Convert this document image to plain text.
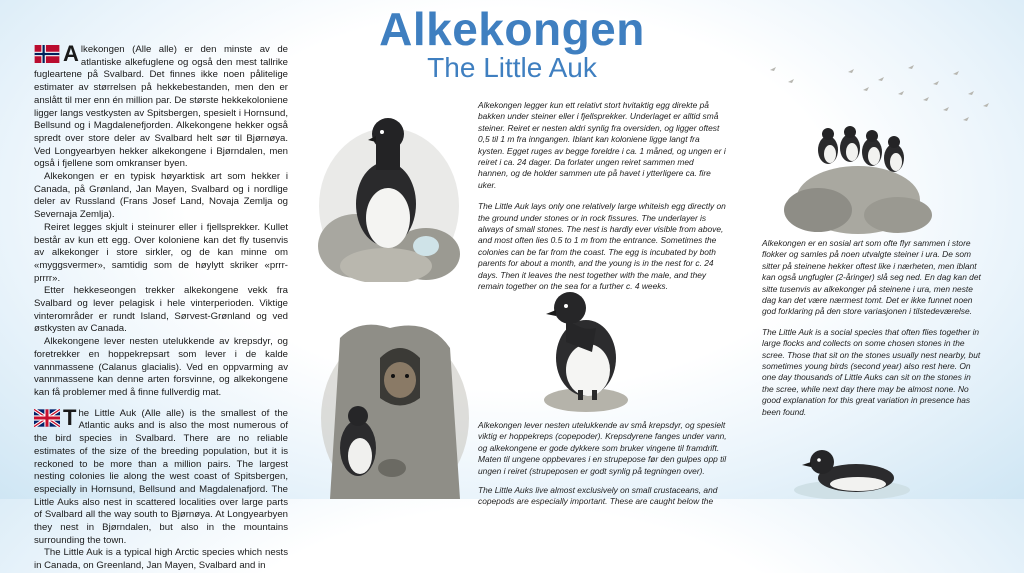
Alkekongen
The Little Auk
A lkekongen (Alle alle) er den minste av de atlantiske alkefuglene og også den mest tallrike fugleartene på Svalbard. Det finnes ikke noen pålitelige estimater av størrelsen på hekkebestanden, men den er anslått til mer enn én million par. De største hekkekoloniene ligger langs vestkysten av Spitsbergen, spesielt i Hornsund, Bellsund og i Magdalenefjorden. Alkekongene hekker også spredt over store deler av Svalbard helt sør til Bjørnøya. Ved Longyearbyen hekker alkekongene i Bjørndalen, men også i fjellene som omkranser byen.

Alkekongen er en typisk høyarktisk art som hekker i Canada, på Grønland, Jan Mayen, Svalbard og i nordlige deler av Russland (Frans Josef Land, Novaja Zemlja og Severnaja Zemlja).

Reiret legges skjult i steinurer eller i fjellsprekker. Kullet består av kun ett egg. Over koloniene kan det fly tusenvis av alkekonger i store sirkler, og de kan minne om «myggsvermer», samtidig som de høylytt skriker «prrr-prrrr».

Etter hekkeseongen trekker alkekongene vekk fra Svalbard og lever pelagisk i hele vinterperioden. Viktige vinterområder er rundt Island, Sørvest-Grønland og ved østkysten av Canada.

Alkekongene lever nesten utelukkende av krepsdyr, og foretrekker en hoppekrepsart som lever i de kalde vannmassene (Calanus glacialis). Ved en oppvarming av vannmassene kan denne arten forsvinne, og alkekongene kan få problemer med å finne fullverdig mat.

T he Little Auk (Alle alle) is the smallest of the Atlantic auks and is also the most numerous of the bird species in Svalbard. There are no reliable estimates of the size of the breeding population, but it is reckoned to be more than a million pairs. The largest nesting colonies lie along the west coast of Spitsbergen, especially in Hornsund, Bellsund and Magdalenafjord. The Little Auks also nest in scattered localities over large parts of Svalbard all the way south to Bjørnøya. At Longyearbyen they nest in Bjørndalen, but also in the mountains surrounding the town.

The Little Auk is a typical high Arctic species which nests in Canada, on Greenland, Jan Mayen, Svalbard and in

Alkekongen legger kun ett relativt stort hvitaktig egg direkte på bakken under steiner eller i fjellsprekker. Underlaget er alltid små steiner. Reiret er nesten aldri synlig fra oversiden, og ligger oftest 0,5 til 1 m fra inngangen. Iblant kan koloniene ligge langt fra kysten. Egget ruges av begge foreldre i ca. 1 måned, og ungen er i reiret i ca. 24 dager. Da forlater ungen reiret sammen med hannen, og de holder sammen ute på havet i ytterligere ca. fire uker.

The Little Auk lays only one relatively large whiteish egg directly on the ground under stones or in rock fissures. The underlayer is always of small stones. The nest is hardly ever visible from above, and most often lies 0.5 to 1 m from the entrance. Sometimes the colonies can be far from the coast. The egg is incubated by both parents for about a month, and the young is in the nest for c. 24 days. Then it leaves the nest together with the male, and they remain together on the sea for a further c. 4 weeks.

Alkekongen lever nesten utelukkende av små krepsdyr, og spesielt viktig er hoppekreps (copepoder). Krepsdyrene fanges under vann, og alkekongene er gode dykkere som bruker vingene til framdrift. Maten til ungene oppbevares i en strupepose før den gulpes opp til ungen i reiret (strupeposen er godt synlig på tegningen over).

The Little Auks live almost exclusively on small crustaceans, and copepods are especially important. These are caught below the

Alkekongen er en sosial art som ofte flyr sammen i store flokker og samles på noen utvalgte steiner i ura. De som sitter på steinene hekker oftest like i nærheten, men iblant kan også ungfugler (2-åringer) slå seg ned. En dag kan det sitte tusenvis av alkekonger på steinene i ura, men neste dag kan det være nærmest tomt. Det er ikke funnet noen god forklaring på den store variasjonen i tilstedeværelse.

The Little Auk is a social species that often flies together in large flocks and collects on some chosen stones in the scree. Those that sit on the stones usually nest nearby, but sometimes young birds (second year) also rest here. On one day thousands of Little Auks can sit on the stones in the scree, while next day there may be almost none. No good explanation for this great variation in presence has been found.
